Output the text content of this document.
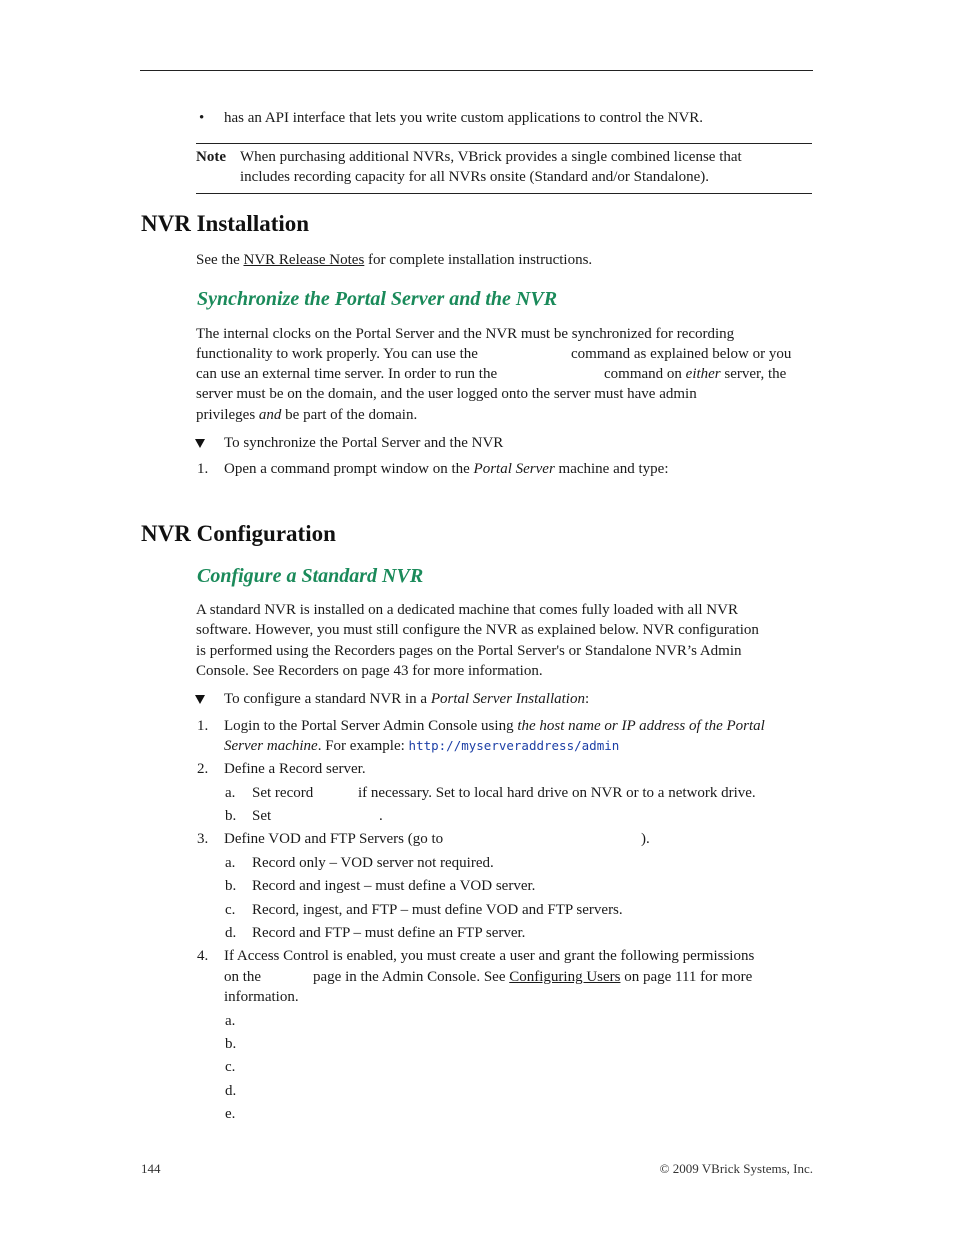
• has an API interface that lets you write custom applications to control the NVR.
Note When purchasing additional NVRs, VBrick provides a single combined license that
includes recording capacity for all NVRs onsite (Standard and/or Standalone).
NVR Installation
See the NVR Release Notes for complete installation instructions.
Synchronize the Portal Server and the NVR
The internal clocks on the Portal Server and the NVR must be synchronized for recording
functionality to work properly. You can use the	command as explained below or you
can use an external time server. In order to run the	command on either server, the
server must be on the domain, and the user logged onto the server must have admin
privileges and be part of the domain.
To synchronize the Portal Server and the NVR
1. Open a command prompt window on the Portal Server machine and type:
NVR Configuration
Configure a Standard NVR
A standard NVR is installed on a dedicated machine that comes fully loaded with all NVR
software. However, you must still configure the NVR as explained below. NVR configuration
is performed using the Recorders pages on the Portal Server's or Standalone NVR’s Admin
Console. See Recorders on page 43 for more information.
To configure a standard NVR in a Portal Server Installation:
1. Login to the Portal Server Admin Console using the host name or IP address of the Portal
Server machine. For example: http://myserveraddress/admin
2. Define a Record server.
a. Set record	if necessary. Set to local hard drive on NVR or to a network drive.
b. Set	.
3. Define VOD and FTP Servers (go to	).
a. Record only – VOD server not required.
b. Record and ingest – must define a VOD server.
c. Record, ingest, and FTP – must define VOD and FTP servers.
d. Record and FTP – must define an FTP server.
4. If Access Control is enabled, you must create a user and grant the following permissions
on the	page in the Admin Console. See Configuring Users on page 111 for more
information.
a.
b.
c.
d.
e.
144	© 2009 VBrick Systems, Inc.
